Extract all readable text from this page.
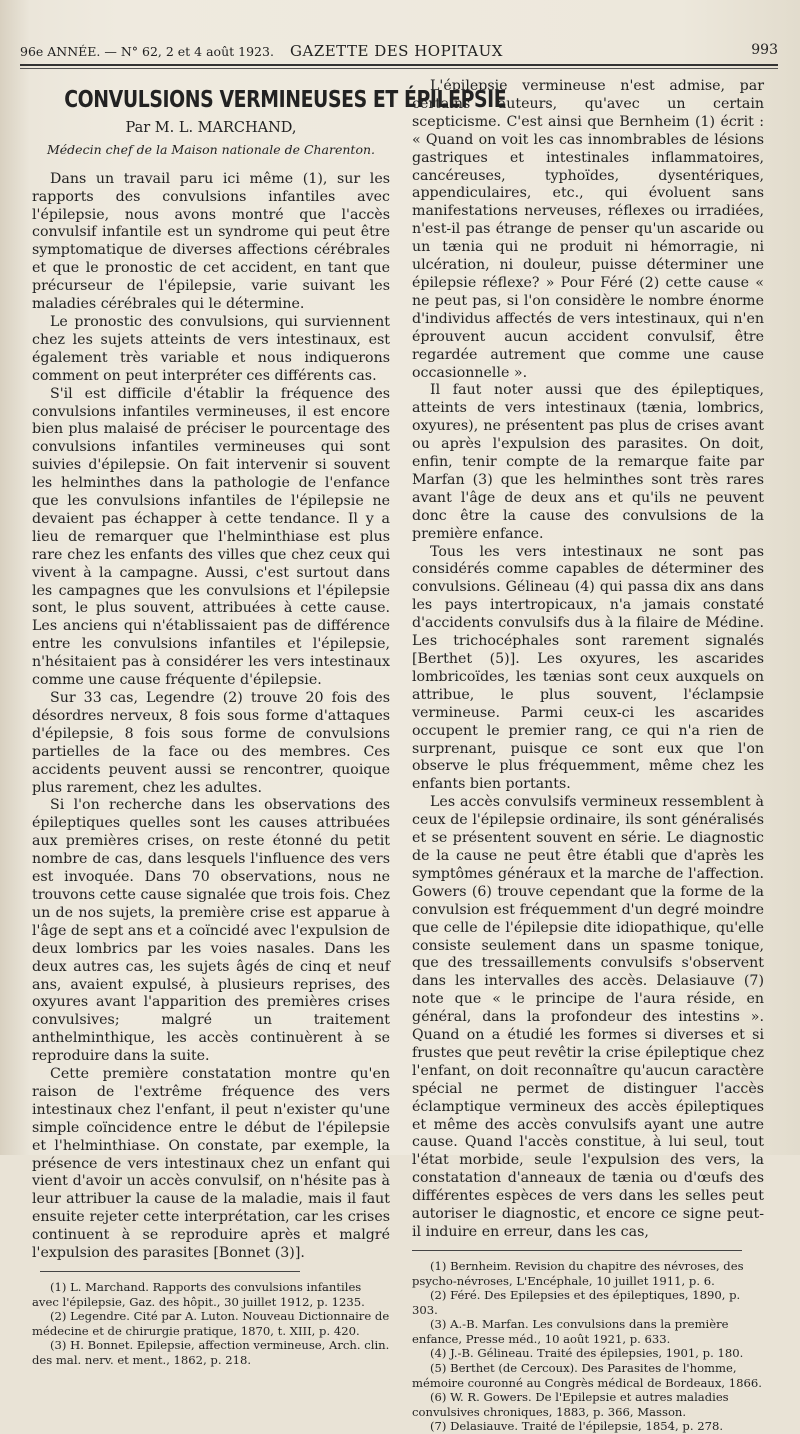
96e ANNÉE. — N° 62, 2 et 4 août 1923. GAZETTE DES HOPITAUX	993
CONVULSIONS VERMINEUSES ET ÉPILEPSIE
Par M. L. MARCHAND,
Médecin chef de la Maison nationale de Charenton.

Dans un travail paru ici même (1), sur les rapports des convulsions infantiles avec l'épilepsie, nous avons montré que l'accès convulsif infantile est un syndrome qui peut être symptomatique de diverses affections cérébrales et que le pronostic de cet accident, en tant que précurseur de l'épilepsie, varie suivant les maladies cérébrales qui le détermine.

Le pronostic des convulsions, qui surviennent chez les sujets atteints de vers intestinaux, est également très variable et nous indiquerons comment on peut interpréter ces différents cas.

S'il est difficile d'établir la fréquence des convulsions infantiles vermineuses, il est encore bien plus malaisé de préciser le pourcentage des convulsions infantiles vermineuses qui sont suivies d'épilepsie. On fait intervenir si souvent les helminthes dans la pathologie de l'enfance que les convulsions infantiles de l'épilepsie ne devaient pas échapper à cette tendance. Il y a lieu de remarquer que l'helminthiase est plus rare chez les enfants des villes que chez ceux qui vivent à la campagne. Aussi, c'est surtout dans les campagnes que les convulsions et l'épilepsie sont, le plus souvent, attribuées à cette cause. Les anciens qui n'établissaient pas de différence entre les convulsions infantiles et l'épilepsie, n'hésitaient pas à considérer les vers intestinaux comme une cause fréquente d'épilepsie.

Sur 33 cas, Legendre (2) trouve 20 fois des désordres nerveux, 8 fois sous forme d'attaques d'épilepsie, 8 fois sous forme de convulsions partielles de la face ou des membres. Ces accidents peuvent aussi se rencontrer, quoique plus rarement, chez les adultes.

Si l'on recherche dans les observations des épileptiques quelles sont les causes attribuées aux premières crises, on reste étonné du petit nombre de cas, dans lesquels l'influence des vers est invoquée. Dans 70 observations, nous ne trouvons cette cause signalée que trois fois. Chez un de nos sujets, la première crise est apparue à l'âge de sept ans et a coïncidé avec l'expulsion de deux lombrics par les voies nasales. Dans les deux autres cas, les sujets âgés de cinq et neuf ans, avaient expulsé, à plusieurs reprises, des oxyures avant l'apparition des premières crises convulsives; malgré un traitement anthelminthique, les accès continuèrent à se reproduire dans la suite.

Cette première constatation montre qu'en raison de l'extrême fréquence des vers intestinaux chez l'enfant, il peut n'exister qu'une simple coïncidence entre le début de l'épilepsie et l'helminthiase. On constate, par exemple, la présence de vers intestinaux chez un enfant qui vient d'avoir un accès convulsif, on n'hésite pas à leur attribuer la cause de la maladie, mais il faut ensuite rejeter cette interprétation, car les crises continuent à se reproduire après et malgré l'expulsion des parasites [Bonnet (3)].

(1) L. Marchand. Rapports des convulsions infantiles avec l'épilepsie, Gaz. des hôpit., 30 juillet 1912, p. 1235.

(2) Legendre. Cité par A. Luton. Nouveau Dictionnaire de médecine et de chirurgie pratique, 1870, t. XIII, p. 420.

(3) H. Bonnet. Epilepsie, affection vermineuse, Arch. clin. des mal. nerv. et ment., 1862, p. 218.

L'épilepsie vermineuse n'est admise, par certains auteurs, qu'avec un certain scepticisme. C'est ainsi que Bernheim (1) écrit : « Quand on voit les cas innombrables de lésions gastriques et intestinales inflammatoires, cancéreuses, typhoïdes, dysentériques, appendiculaires, etc., qui évoluent sans manifestations nerveuses, réflexes ou irradiées, n'est-il pas étrange de penser qu'un ascaride ou un tænia qui ne produit ni hémorragie, ni ulcération, ni douleur, puisse déterminer une épilepsie réflexe? » Pour Féré (2) cette cause « ne peut pas, si l'on considère le nombre énorme d'individus affectés de vers intestinaux, qui n'en éprouvent aucun accident convulsif, être regardée autrement que comme une cause occasionnelle ».

Il faut noter aussi que des épileptiques, atteints de vers intestinaux (tænia, lombrics, oxyures), ne présentent pas plus de crises avant ou après l'expulsion des parasites. On doit, enfin, tenir compte de la remarque faite par Marfan (3) que les helminthes sont très rares avant l'âge de deux ans et qu'ils ne peuvent donc être la cause des convulsions de la première enfance.

Tous les vers intestinaux ne sont pas considérés comme capables de déterminer des convulsions. Gélineau (4) qui passa dix ans dans les pays intertropicaux, n'a jamais constaté d'accidents convulsifs dus à la filaire de Médine. Les trichocéphales sont rarement signalés [Berthet (5)]. Les oxyures, les ascarides lombricoïdes, les tænias sont ceux auxquels on attribue, le plus souvent, l'éclampsie vermineuse. Parmi ceux-ci les ascarides occupent le premier rang, ce qui n'a rien de surprenant, puisque ce sont eux que l'on observe le plus fréquemment, même chez les enfants bien portants.

Les accès convulsifs vermineux ressemblent à ceux de l'épilepsie ordinaire, ils sont généralisés et se présentent souvent en série. Le diagnostic de la cause ne peut être établi que d'après les symptômes généraux et la marche de l'affection. Gowers (6) trouve cependant que la forme de la convulsion est fréquemment d'un degré moindre que celle de l'épilepsie dite idiopathique, qu'elle consiste seulement dans un spasme tonique, que des tressaillements convulsifs s'observent dans les intervalles des accès. Delasiauve (7) note que « le principe de l'aura réside, en général, dans la profondeur des intestins ». Quand on a étudié les formes si diverses et si frustes que peut revêtir la crise épileptique chez l'enfant, on doit reconnaître qu'aucun caractère spécial ne permet de distinguer l'accès éclamptique vermineux des accès épileptiques et même des accès convulsifs ayant une autre cause. Quand l'accès constitue, à lui seul, tout l'état morbide, seule l'expulsion des vers, la constatation d'anneaux de tænia ou d'œufs des différentes espèces de vers dans les selles peut autoriser le diagnostic, et encore ce signe peut-il induire en erreur, dans les cas,

(1) Bernheim. Revision du chapitre des névroses, des psycho-névroses, L'Encéphale, 10 juillet 1911, p. 6.

(2) Féré. Des Epilepsies et des épileptiques, 1890, p. 303.

(3) A.-B. Marfan. Les convulsions dans la première enfance, Presse méd., 10 août 1921, p. 633.

(4) J.-B. Gélineau. Traité des épilepsies, 1901, p. 180.

(5) Berthet (de Cercoux). Des Parasites de l'homme, mémoire couronné au Congrès médical de Bordeaux, 1866.

(6) W. R. Gowers. De l'Epilepsie et autres maladies convulsives chroniques, 1883, p. 366, Masson.

(7) Delasiauve. Traité de l'épilepsie, 1854, p. 278.
